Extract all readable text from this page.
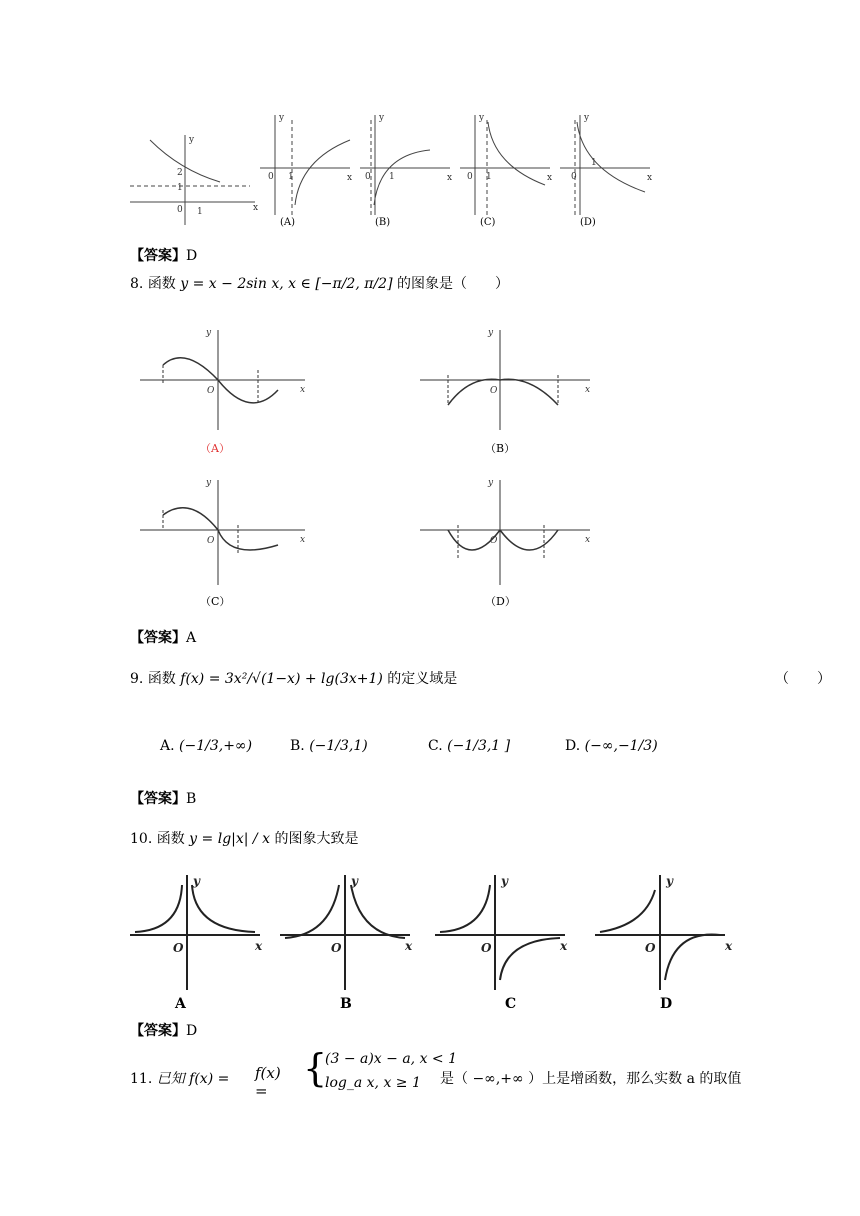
y
x
0 1
2
1
y
x
0 1
y
x
0 1
y
x
0 1
y
x
0
1
(A)	(B)	(C)	(D)
【答案】D
8. 函数 y = x − 2sin x, x ∈ [−π/2, π/2] 的图象是（　　）
y
x
O
y
x
O
y
x
O
y
x
O
（A）	（B）
（C）	（D）
【答案】A
9. 函数 f(x) = 3x²/√(1−x) + lg(3x+1) 的定义域是	（　　）
A. (−1/3,+∞)	B. (−1/3,1)	C. (−1/3,1 ]	D. (−∞,−1/3)
【答案】B
10. 函数 y = lg|x| / x 的图象大致是
y
x
O
y
x
O
y
x
O
y
x
O
A	B	C	D
【答案】D
11. 已知 f(x) = f(x) =
{
(3 − a)x − a, x < 1
log_a x, x ≥ 1 是（ −∞,+∞ ）上是增函数，那么实数 a 的取值
